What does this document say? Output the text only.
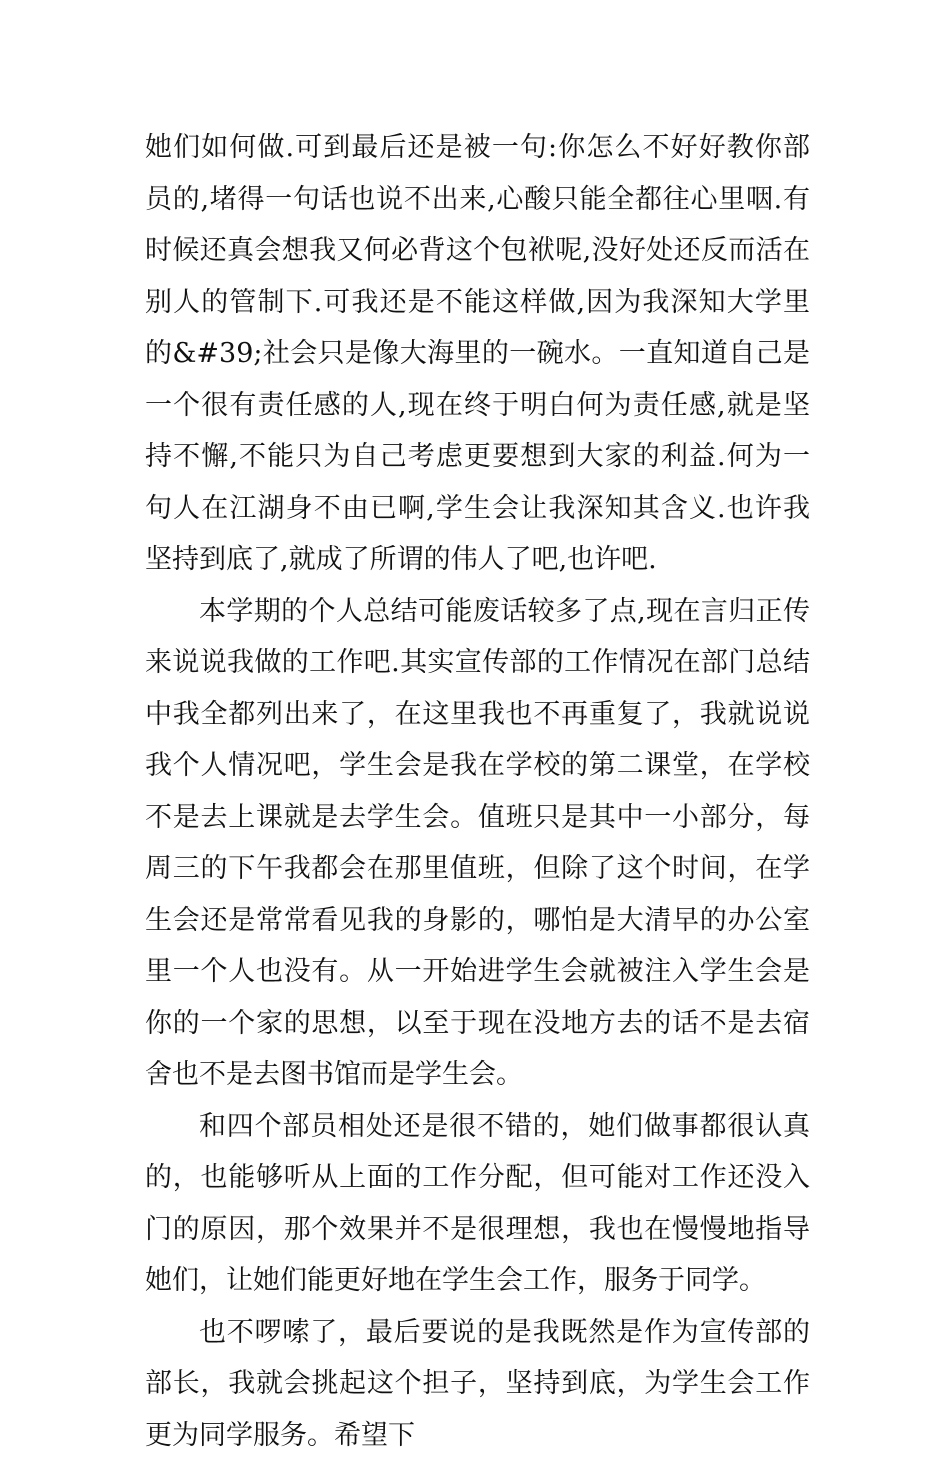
她们如何做.可到最后还是被一句:你怎么不好好教你部员的,堵得一句话也说不出来,心酸只能全都往心里咽.有时候还真会想我又何必背这个包袱呢,没好处还反而活在别人的管制下.可我还是不能这样做,因为我深知大学里的&#39;社会只是像大海里的一碗水。一直知道自己是一个很有责任感的人,现在终于明白何为责任感,就是坚持不懈,不能只为自己考虑更要想到大家的利益.何为一句人在江湖身不由已啊,学生会让我深知其含义.也许我坚持到底了,就成了所谓的伟人了吧,也许吧.

本学期的个人总结可能废话较多了点,现在言归正传来说说我做的工作吧.其实宣传部的工作情况在部门总结中我全都列出来了，在这里我也不再重复了，我就说说我个人情况吧，学生会是我在学校的第二课堂，在学校不是去上课就是去学生会。值班只是其中一小部分，每周三的下午我都会在那里值班，但除了这个时间，在学生会还是常常看见我的身影的，哪怕是大清早的办公室里一个人也没有。从一开始进学生会就被注入学生会是你的一个家的思想，以至于现在没地方去的话不是去宿舍也不是去图书馆而是学生会。

和四个部员相处还是很不错的，她们做事都很认真的，也能够听从上面的工作分配，但可能对工作还没入门的原因，那个效果并不是很理想，我也在慢慢地指导她们，让她们能更好地在学生会工作，服务于同学。

也不啰嗦了，最后要说的是我既然是作为宣传部的部长，我就会挑起这个担子，坚持到底，为学生会工作更为同学服务。希望下
